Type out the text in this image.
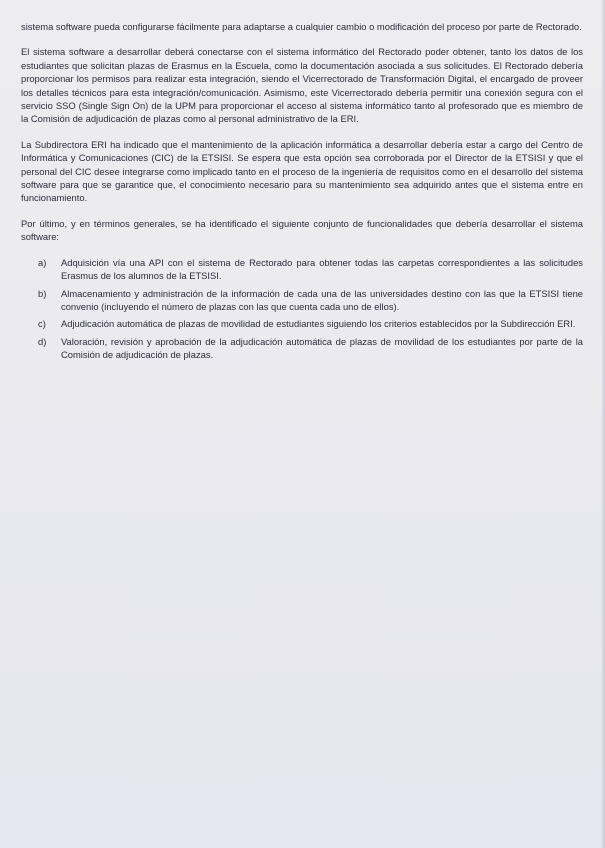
sistema software pueda configurarse fácilmente para adaptarse a cualquier cambio o modificación del proceso por parte de Rectorado.

El sistema software a desarrollar deberá conectarse con el sistema informático del Rectorado poder obtener, tanto los datos de los estudiantes que solicitan plazas de Erasmus en la Escuela, como la documentación asociada a sus solicitudes. El Rectorado debería proporcionar los permisos para realizar esta integración, siendo el Vicerrectorado de Transformación Digital, el encargado de proveer los detalles técnicos para esta integración/comunicación. Asimismo, este Vicerrectorado debería permitir una conexión segura con el servicio SSO (Single Sign On) de la UPM para proporcionar el acceso al sistema informático tanto al profesorado que es miembro de la Comisión de adjudicación de plazas como al personal administrativo de la ERI.

La Subdirectora ERI ha indicado que el mantenimiento de la aplicación informática a desarrollar debería estar a cargo del Centro de Informática y Comunicaciones (CIC) de la ETSISI. Se espera que esta opción sea corroborada por el Director de la ETSISI y que el personal del CIC desee integrarse como implicado tanto en el proceso de la ingeniería de requisitos como en el desarrollo del sistema software para que se garantice que, el conocimiento necesario para su mantenimiento sea adquirido antes que el sistema entre en funcionamiento.

Por último, y en términos generales, se ha identificado el siguiente conjunto de funcionalidades que debería desarrollar el sistema software:

a) Adquisición vía una API con el sistema de Rectorado para obtener todas las carpetas correspondientes a las solicitudes Erasmus de los alumnos de la ETSISI.
b) Almacenamiento y administración de la información de cada una de las universidades destino con las que la ETSISI tiene convenio (incluyendo el número de plazas con las que cuenta cada uno de ellos).
c) Adjudicación automática de plazas de movilidad de estudiantes siguiendo los criterios establecidos por la Subdirección ERI.
d) Valoración, revisión y aprobación de la adjudicación automática de plazas de movilidad de los estudiantes por parte de la Comisión de adjudicación de plazas.
